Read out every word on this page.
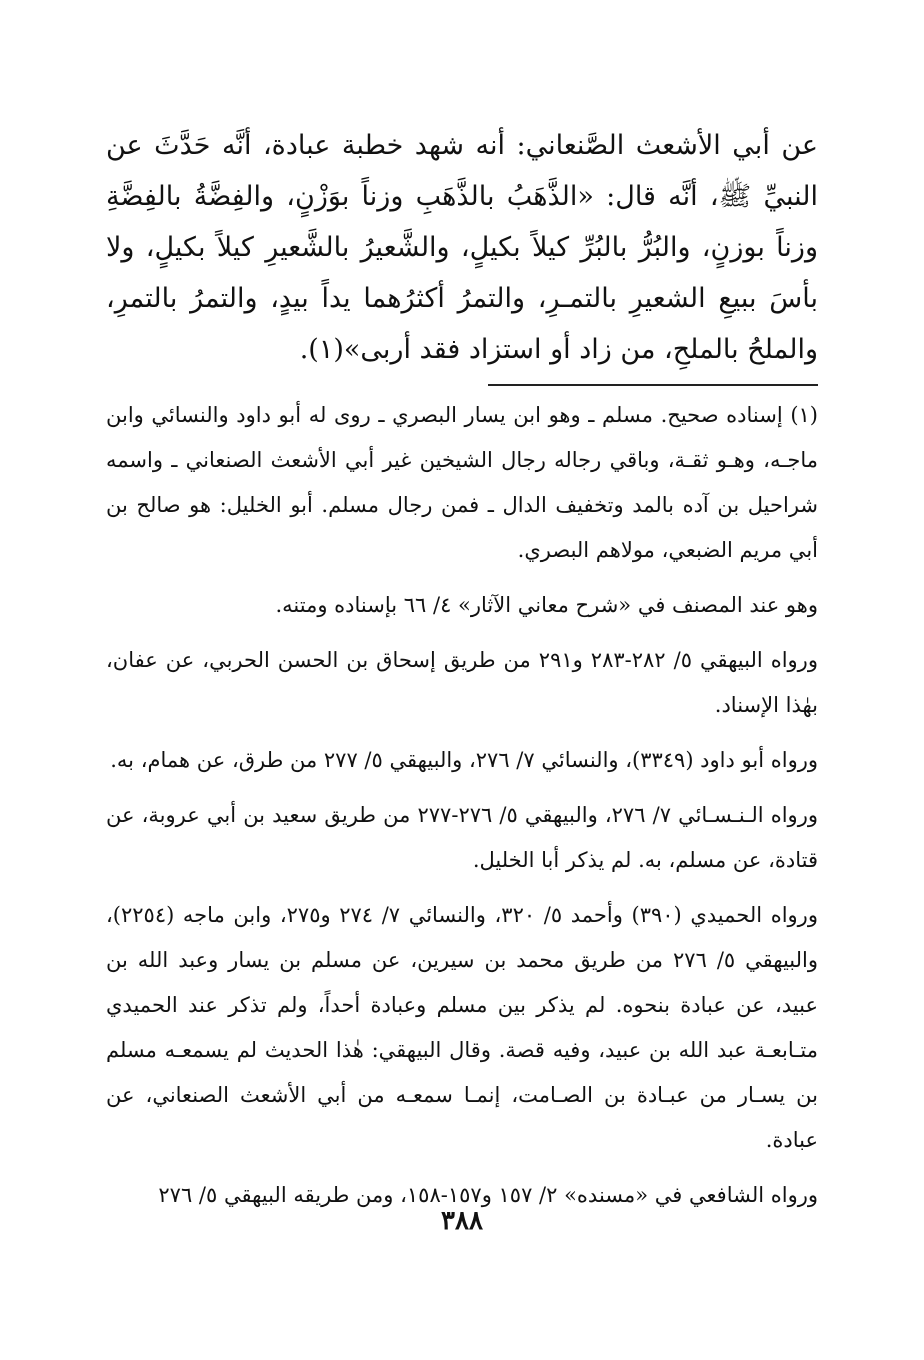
عن أبي الأشعث الصَّنعاني: أنه شهد خطبة عبادة، أنَّه حَدَّثَ عن النبيِّ ﷺ، أنَّه قال: «الذَّهَبُ بالذَّهَبِ وزناً بوَزْنٍ، والفِضَّةُ بالفِضَّةِ وزناً بوزنٍ، والبُرُّ بالبُرِّ كيلاً بكيلٍ، والشَّعيرُ بالشَّعيرِ كيلاً بكيلٍ، ولا بأسَ ببيعِ الشعيرِ بالتمـرِ، والتمرُ أكثرُهما يداً بيدٍ، والتمرُ بالتمرِ، والملحُ بالملحِ، من زاد أو استزاد فقد أربى»(١).

(١) إسناده صحيح. مسلم ـ وهو ابن يسار البصري ـ روى له أبو داود والنسائي وابن ماجـه، وهـو ثقـة، وباقي رجاله رجال الشيخين غير أبي الأشعث الصنعاني ـ واسمه شراحيل بن آده بالمد وتخفيف الدال ـ فمن رجال مسلم. أبو الخليل: هو صالح بن أبي مريم الضبعي، مولاهم البصري.

وهو عند المصنف في «شرح معاني الآثار» ٤/ ٦٦ بإسناده ومتنه.

ورواه البيهقي ٥/ ٢٨٢-٢٨٣ و٢٩١ من طريق إسحاق بن الحسن الحربي، عن عفان، بهٰذا الإسناد.

ورواه أبو داود (٣٣٤٩)، والنسائي ٧/ ٢٧٦، والبيهقي ٥/ ٢٧٧ من طرق، عن همام، به.

ورواه الـنـسـائي ٧/ ٢٧٦، والبيهقي ٥/ ٢٧٦-٢٧٧ من طريق سعيد بن أبي عروبة، عن قتادة، عن مسلم، به. لم يذكر أبا الخليل.

ورواه الحميدي (٣٩٠) وأحمد ٥/ ٣٢٠، والنسائي ٧/ ٢٧٤ و٢٧٥، وابن ماجه (٢٢٥٤)، والبيهقي ٥/ ٢٧٦ من طريق محمد بن سيرين، عن مسلم بن يسار وعبد الله بن عبيد، عن عبادة بنحوه. لم يذكر بين مسلم وعبادة أحداً، ولم تذكر عند الحميدي متـابعـة عبد الله بن عبيد، وفيه قصة. وقال البيهقي: هٰذا الحديث لم يسمعـه مسلم بن يسـار من عبـادة بن الصـامت، إنمـا سمعـه من أبي الأشعث الصنعاني، عن عبادة.

ورواه الشافعي في «مسنده» ٢/ ١٥٧ و١٥٧-١٥٨، ومن طريقه البيهقي ٥/ ٢٧٦

٣٨٨
